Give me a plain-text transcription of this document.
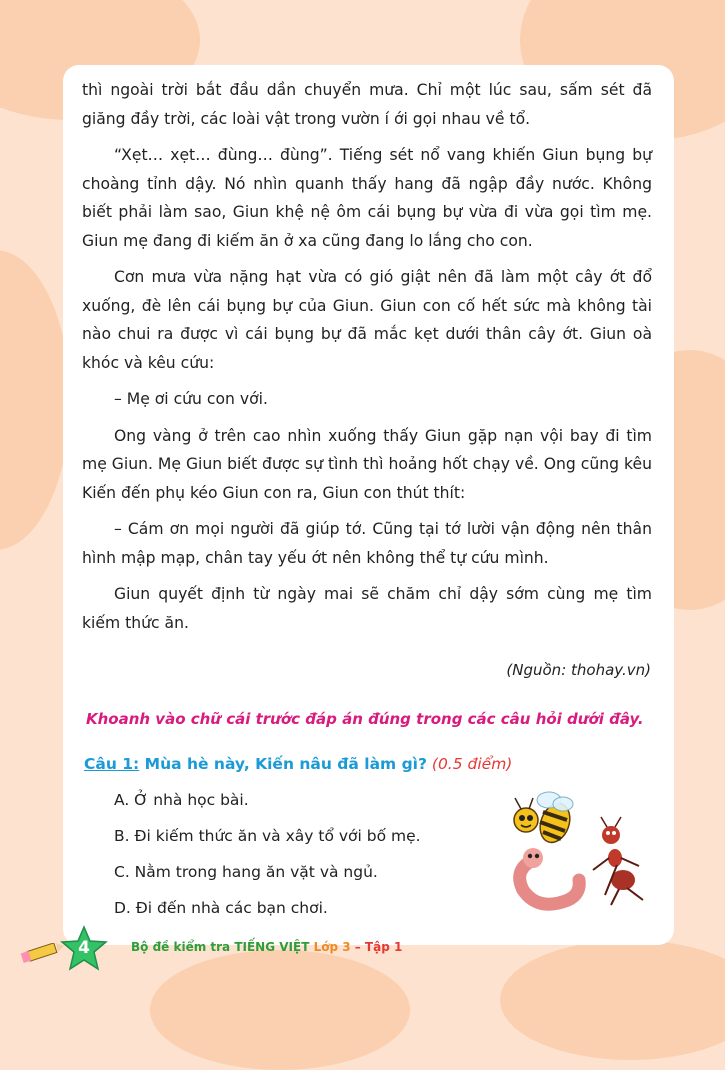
thì ngoài trời bắt đầu dần chuyển mưa. Chỉ một lúc sau, sấm sét đã giăng đầy trời, các loài vật trong vườn í ới gọi nhau về tổ.

“Xẹt… xẹt… đùng… đùng”. Tiếng sét nổ vang khiến Giun bụng bự choàng tỉnh dậy. Nó nhìn quanh thấy hang đã ngập đầy nước. Không biết phải làm sao, Giun khệ nệ ôm cái bụng bự vừa đi vừa gọi tìm mẹ. Giun mẹ đang đi kiếm ăn ở xa cũng đang lo lắng cho con.

Cơn mưa vừa nặng hạt vừa có gió giật nên đã làm một cây ớt đổ xuống, đè lên cái bụng bự của Giun. Giun con cố hết sức mà không tài nào chui ra được vì cái bụng bự đã mắc kẹt dưới thân cây ớt. Giun oà khóc và kêu cứu:

– Mẹ ơi cứu con với.

Ong vàng ở trên cao nhìn xuống thấy Giun gặp nạn vội bay đi tìm mẹ Giun. Mẹ Giun biết được sự tình thì hoảng hốt chạy về. Ong cũng kêu Kiến đến phụ kéo Giun con ra, Giun con thút thít:

– Cám ơn mọi người đã giúp tớ. Cũng tại tớ lười vận động nên thân hình mập mạp, chân tay yếu ớt nên không thể tự cứu mình.

Giun quyết định từ ngày mai sẽ chăm chỉ dậy sớm cùng mẹ tìm kiếm thức ăn.

(Nguồn: thohay.vn)
Khoanh vào chữ cái trước đáp án đúng trong các câu hỏi dưới đây.
Câu 1: Mùa hè này, Kiến nâu đã làm gì? (0.5 điểm)
A. Ở nhà học bài.
B. Đi kiếm thức ăn và xây tổ với bố mẹ.
C. Nằm trong hang ăn vặt và ngủ.
D. Đi đến nhà các bạn chơi.
4	Bộ đề kiểm tra TIẾNG VIỆT Lớp 3 – Tập 1
